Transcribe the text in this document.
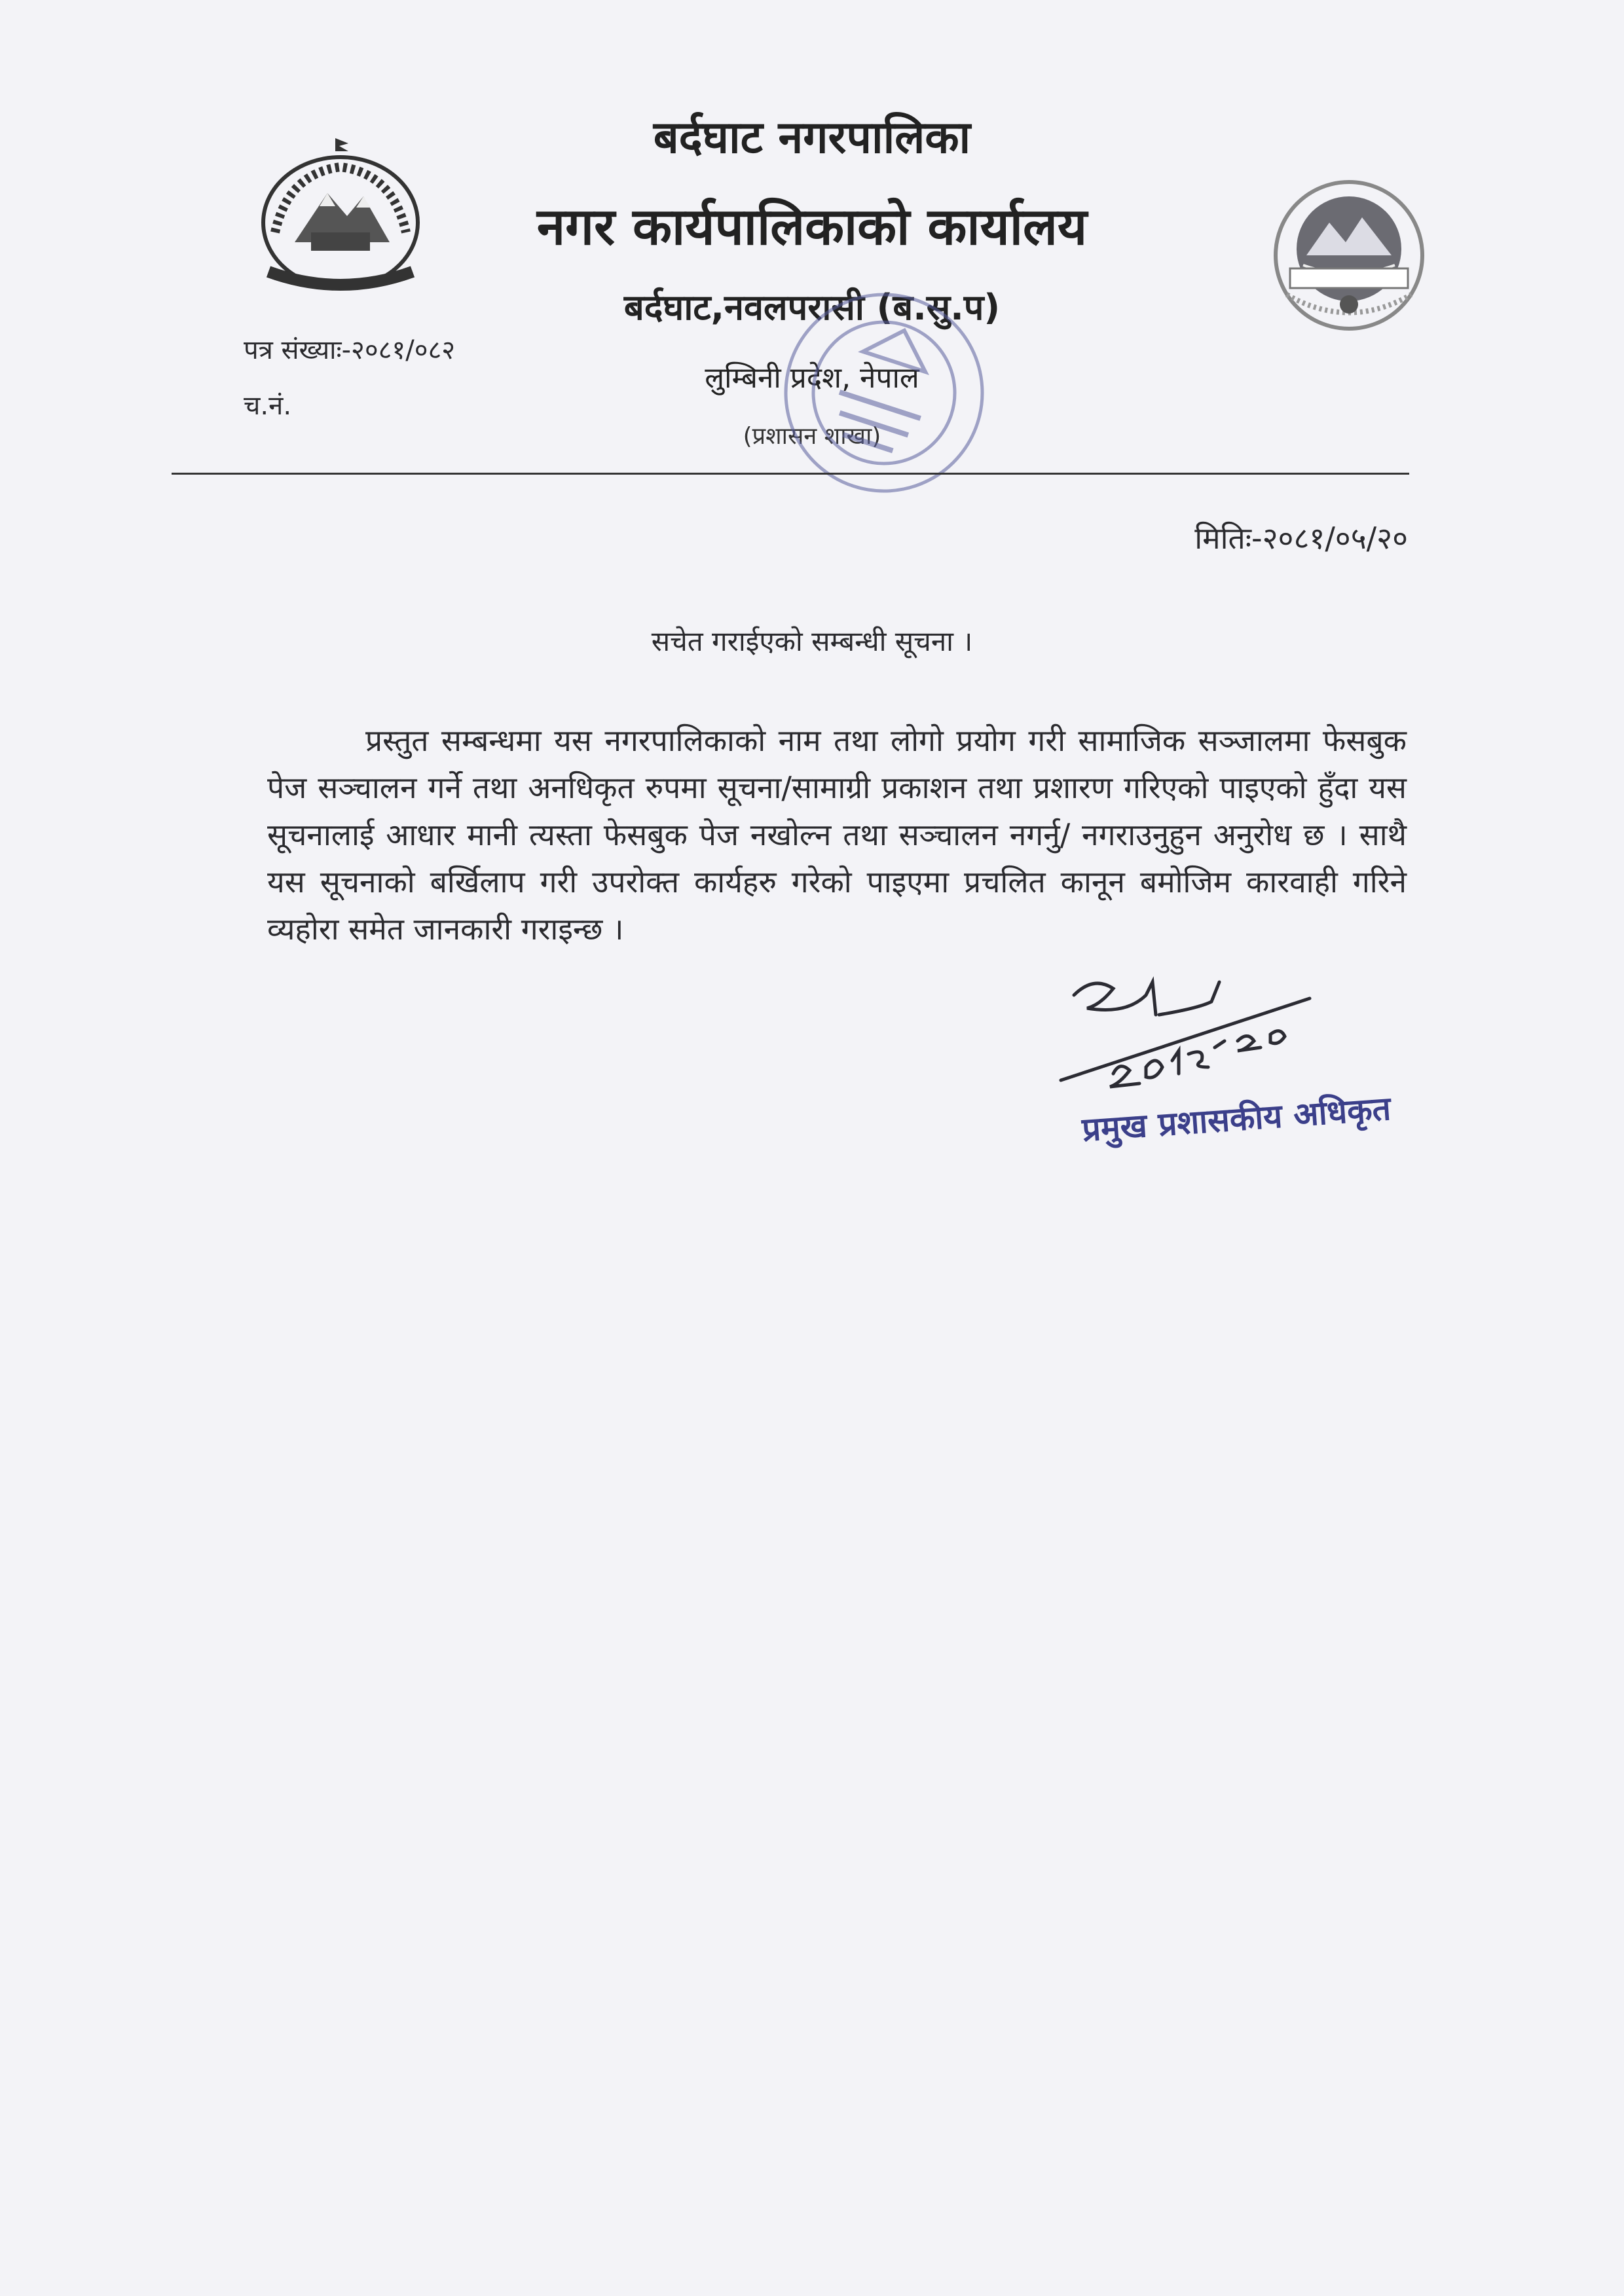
बर्दघाट नगरपालिका
नगर कार्यपालिकाको कार्यालय
बर्दघाट,नवलपरासी (ब.सु.प)
लुम्बिनी प्रदेश, नेपाल
(प्रशासन शाखा)
पत्र संख्याः-२०८१/०८२
च.नं.
मितिः-२०८१/०५/२०
सचेत गराईएको सम्बन्धी सूचना ।
प्रस्तुत सम्बन्धमा यस नगरपालिकाको नाम तथा लोगो प्रयोग गरी सामाजिक सञ्जालमा फेसबुक पेज सञ्चालन गर्ने तथा अनधिकृत रुपमा सूचना/सामाग्री प्रकाशन तथा प्रशारण गरिएको पाइएको हुँदा यस सूचनालाई आधार मानी त्यस्ता फेसबुक पेज नखोल्न तथा सञ्चालन नगर्नु/ नगराउनुहुन अनुरोध छ । साथै यस सूचनाको बर्खिलाप गरी उपरोक्त कार्यहरु गरेको पाइएमा प्रचलित कानून बमोजिम कारवाही गरिने व्यहोरा समेत जानकारी गराइन्छ ।
प्रमुख प्रशासकीय अधिकृत
